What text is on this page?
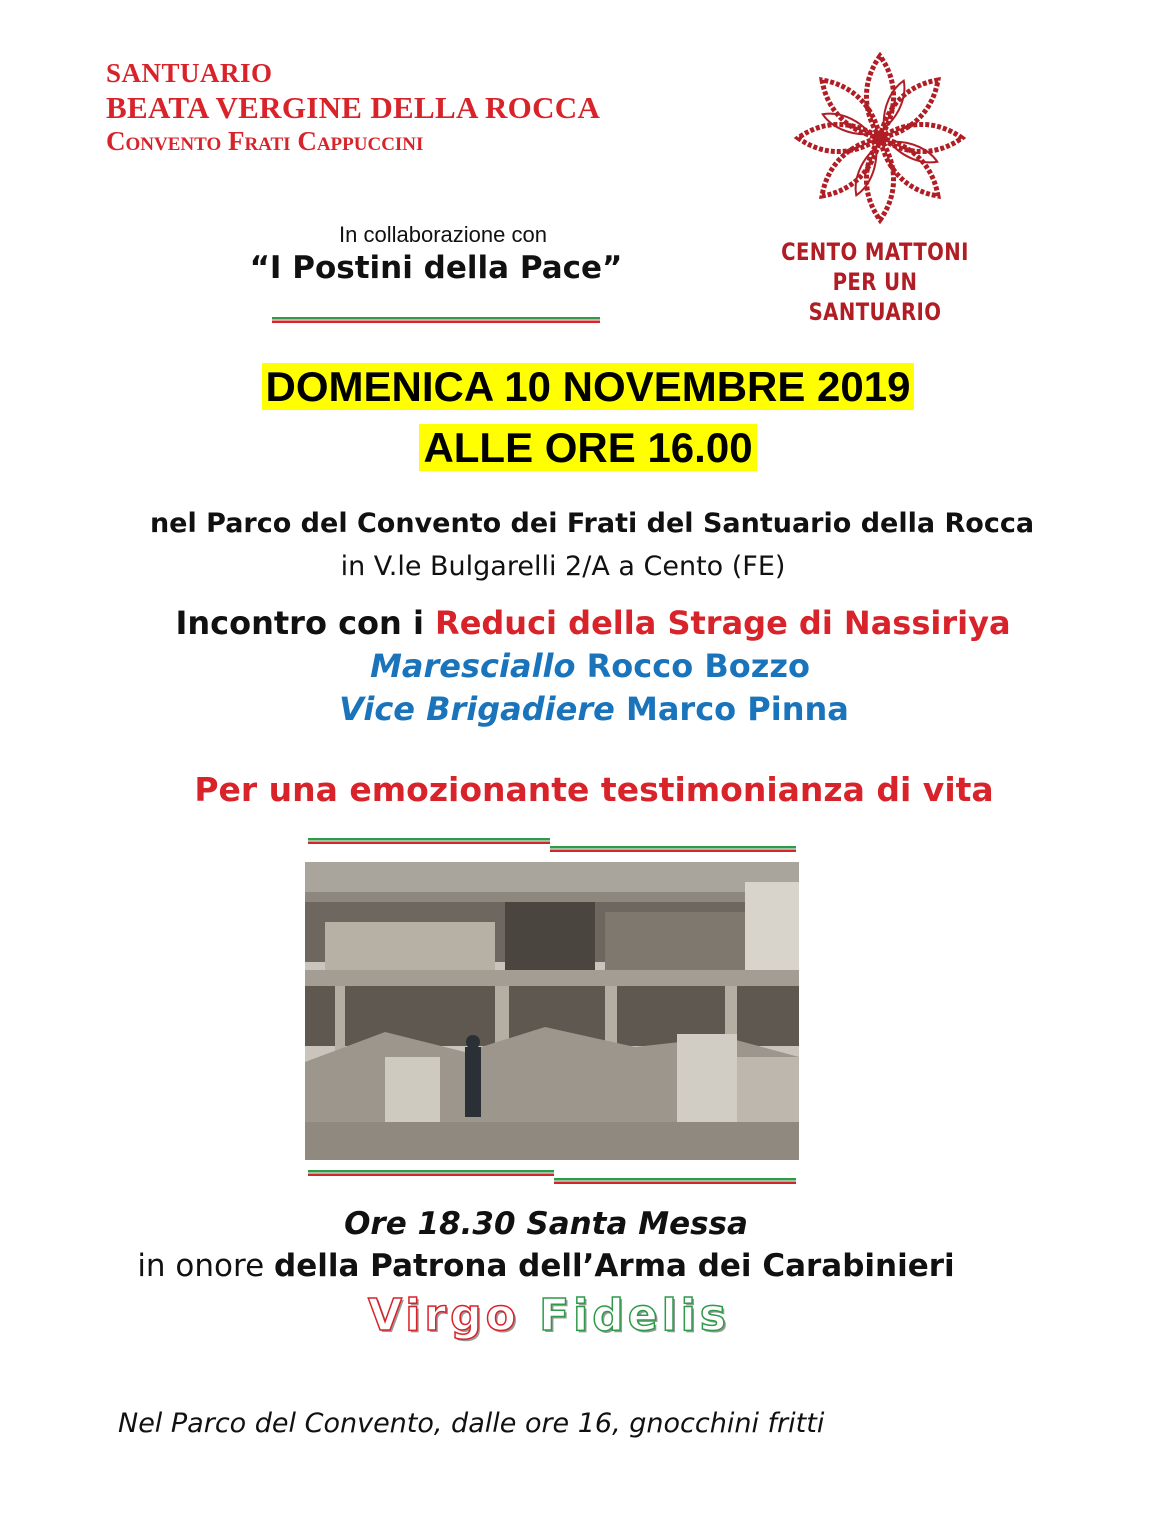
SANTUARIO
BEATA VERGINE DELLA ROCCA
Convento Frati Cappuccini
In collaborazione con
“I Postini della Pace”	CENTO MATTONI
PER UN SANTUARIO
DOMENICA 10 NOVEMBRE 2019
ALLE ORE 16.00
nel Parco del Convento dei Frati del Santuario della Rocca
in V.le Bulgarelli 2/A a Cento (FE)
Incontro con i Reduci della Strage di Nassiriya
Maresciallo Rocco Bozzo
Vice Brigadiere Marco Pinna
Per una emozionante testimonianza di vita
Ore 18.30 Santa Messa
in onore della Patrona dell’Arma dei Carabinieri
Virgo Fidelis
Nel Parco del Convento, dalle ore 16, gnocchini fritti
